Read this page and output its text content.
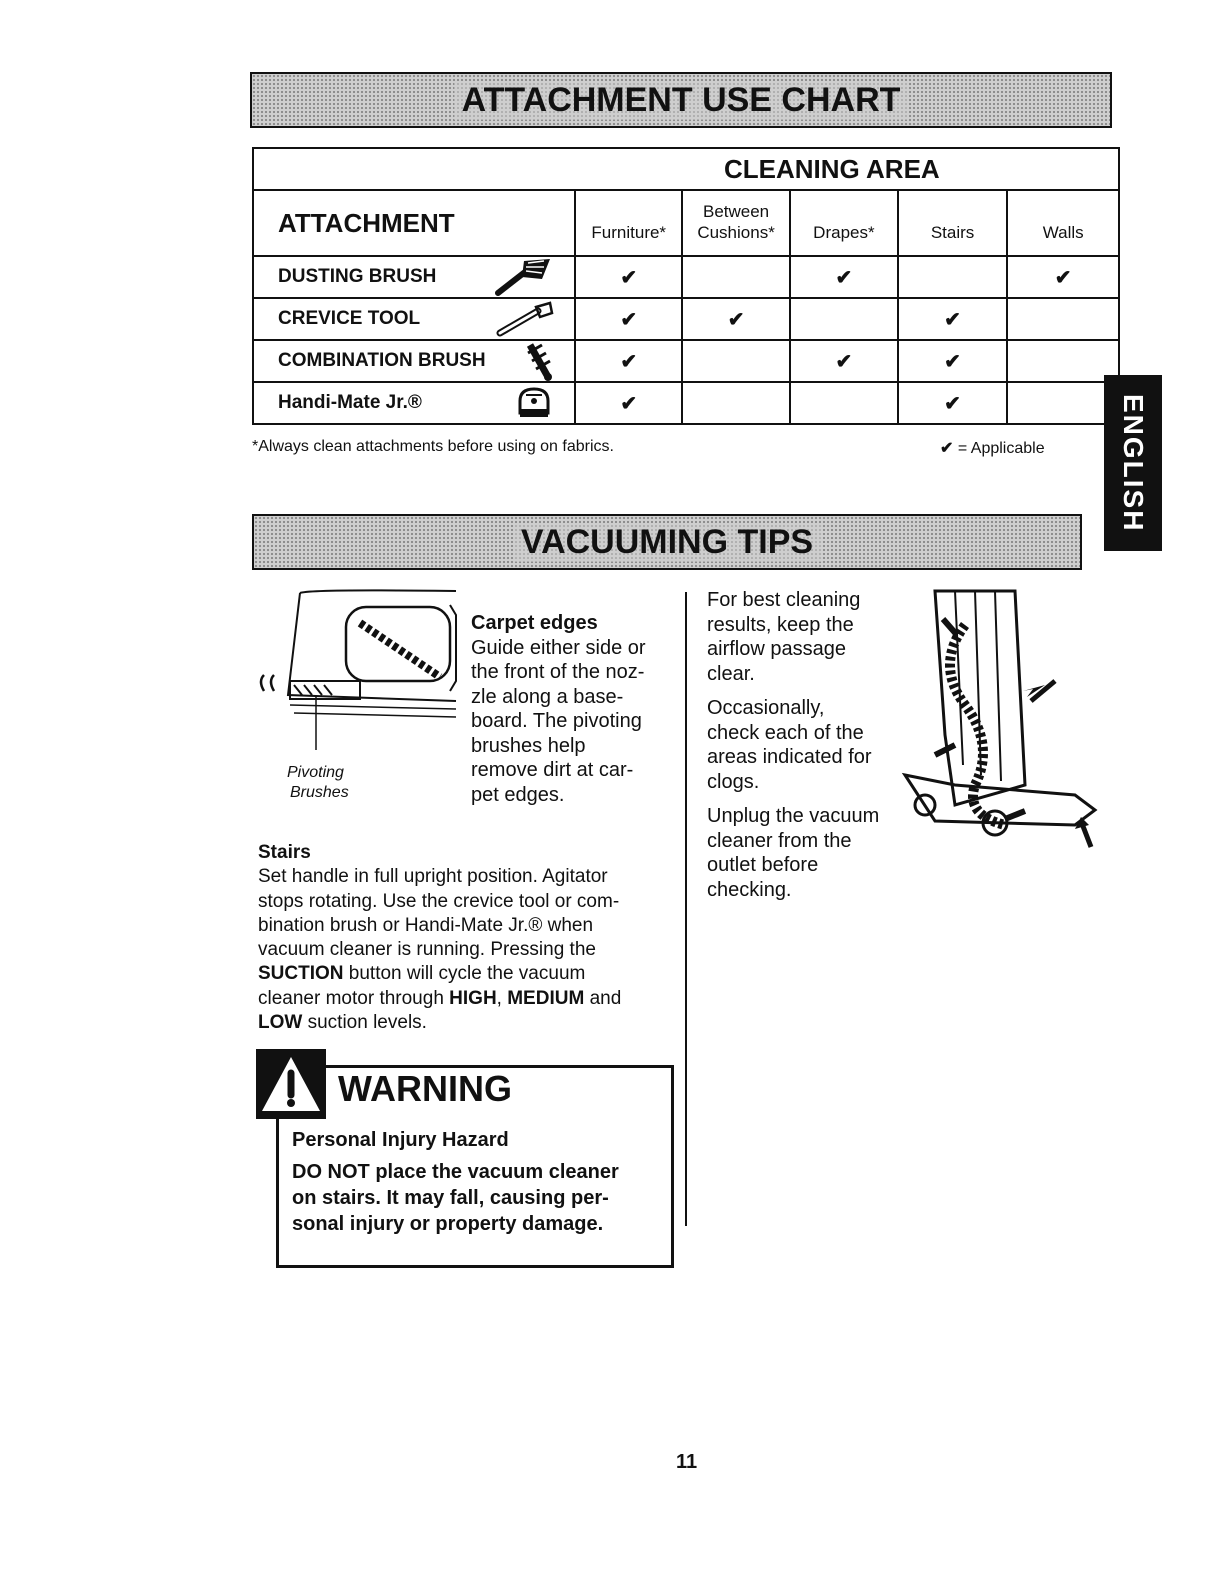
ATTACHMENT USE CHART
CLEANING AREA					
ATTACHMENT	Furniture*	Between Cushions*	Drapes*	Stairs	Walls

DUSTING BRUSH	✔		✔		✔

CREVICE TOOL	✔	✔		✔	

COMBINATION BRUSH	✔		✔	✔	

Handi-Mate Jr.®	✔			✔	
*Always clean attachments before using on fabrics.	✔ = Applicable	ENGLISH
VACUUMING TIPS
Pivoting
Brushes
Carpet edges
Guide either side or
the front of the noz-
zle along a base-
board. The pivoting
brushes help
remove dirt at car-
pet edges.
Stairs
Set handle in full upright position. Agitator
stops rotating. Use the crevice tool or com-
bination brush or Handi-Mate Jr.® when
vacuum cleaner is running. Pressing the
SUCTION button will cycle the vacuum
cleaner motor through HIGH, MEDIUM and
LOW suction levels.
WARNING
Personal Injury Hazard
DO NOT place the vacuum cleaner
on stairs. It may fall, causing per-
sonal injury or property damage.
For best cleaning
results, keep the
airflow passage
clear.
Occasionally,
check each of the
areas indicated for
clogs.
Unplug the vacuum
cleaner from the
outlet before
checking.
11
